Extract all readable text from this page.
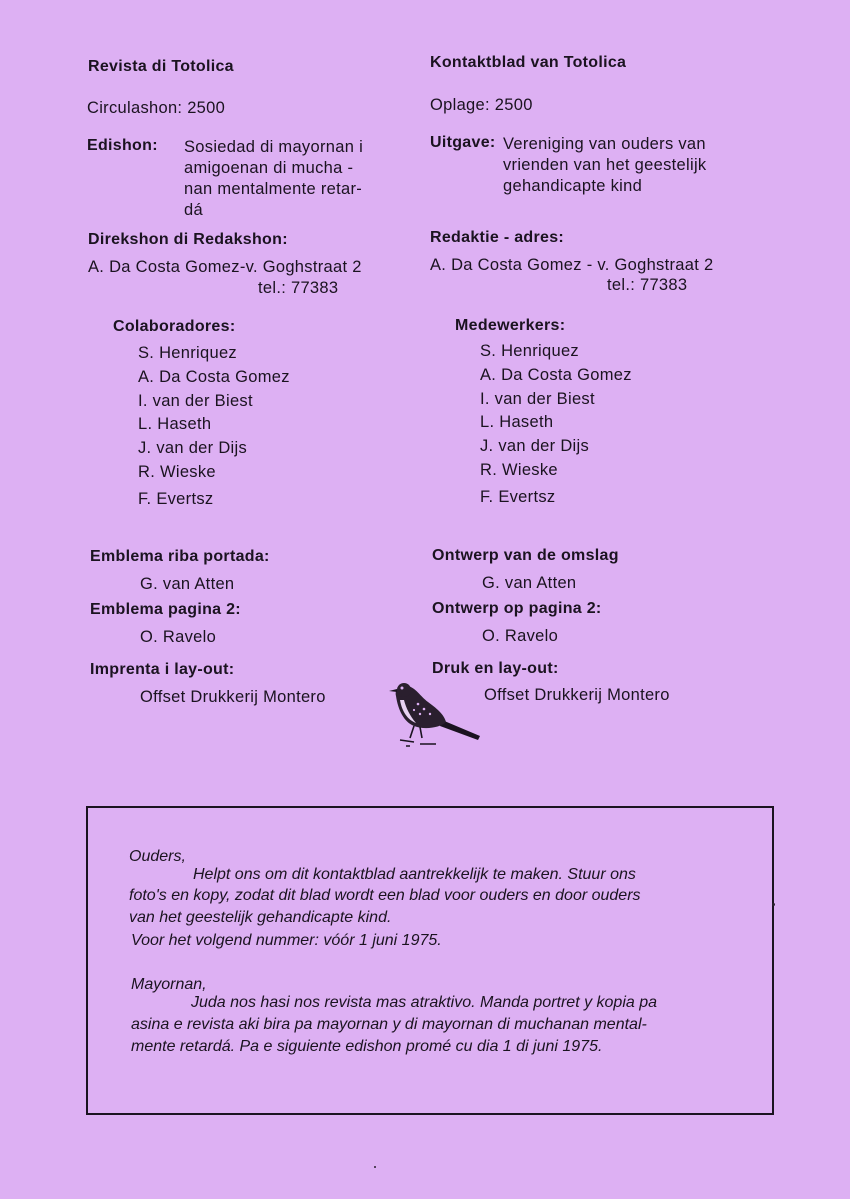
Revista di Totolica
Circulashon: 2500
Edishon: Sosiedad di mayornan i
amigoenan di mucha -
nan mentalmente retar-
dá
Direkshon di Redakshon:
A. Da Costa Gomez-v. Goghstraat 2
tel.: 77383
Colaboradores:
S. Henriquez
A. Da Costa Gomez
I. van der Biest
L. Haseth
J. van der Dijs
R. Wieske
F. Evertsz
Emblema riba portada:
G. van Atten
Emblema pagina 2:
O. Ravelo
Imprenta i lay-out:
Offset Drukkerij Montero
Kontaktblad van Totolica
Oplage: 2500
Uitgave: Vereniging van ouders van
vrienden van het geestelijk
gehandicapte kind
Redaktie - adres:
A. Da Costa Gomez - v. Goghstraat 2
tel.: 77383
Medewerkers:
S. Henriquez
A. Da Costa Gomez
I. van der Biest
L. Haseth
J. van der Dijs
R. Wieske
F. Evertsz
Ontwerp van de omslag
G. van Atten
Ontwerp op pagina 2:
O. Ravelo
Druk en lay-out:
Offset Drukkerij Montero
Ouders,
Helpt ons om dit kontaktblad aantrekkelijk te maken. Stuur ons
foto's en kopy, zodat dit blad wordt een blad voor ouders en door ouders
van het geestelijk gehandicapte kind.
Voor het volgend nummer: vóór 1 juni 1975.
Mayornan,
Juda nos hasi nos revista mas atraktivo. Manda portret y kopia pa
asina e revista aki bira pa mayornan y di mayornan di muchanan mental-
mente retardá. Pa e siguiente edishon promé cu dia 1 di juni 1975.
